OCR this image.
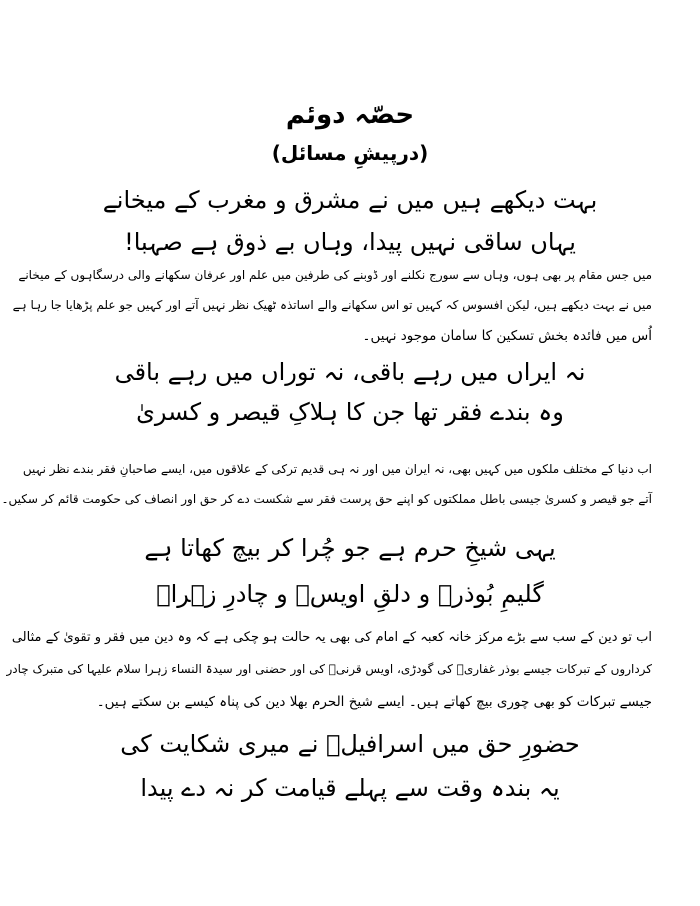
حصّہ دوئم
(درپیشِ مسائل)
بہت دیکھے ہیں میں نے مشرق و مغرب کے میخانے
یہاں ساقی نہیں پیدا، وہاں بے ذوق ہے صہبا!
میں جس مقام پر بھی ہوں، وہاں سے سورج نکلنے اور ڈوبنے کی طرفین میں علم اور عرفان سکھانے والی درسگاہوں کے میخانے
میں نے بہت دیکھے ہیں، لیکن افسوس کہ کہیں تو اس سکھانے والے اساتذہ ٹھیک نظر نہیں آتے اور کہیں جو علم پڑھایا جا رہا ہے
اُس میں فائدہ بخش تسکین کا سامان موجود نہیں۔
نہ ایراں میں رہے باقی، نہ توراں میں رہے باقی
وہ بندے فقر تھا جن کا ہلاکِ قیصر و کسریٰ
اب دنیا کے مختلف ملکوں میں کہیں بھی، نہ ایران میں اور نہ ہی قدیم ترکی کے علاقوں میں، ایسے صاحبانِ فقر بندے نظر نہیں
آتے جو قیصر و کسریٰ جیسی باطل مملکتوں کو اپنے حق پرست فقر سے شکست دے کر حق اور انصاف کی حکومت قائم کر سکیں۔
یہی شیخِ حرم ہے جو چُرا کر بیچ کھاتا ہے
گلیمِ بُوذرؓ و دلقِ اویسؓ و چادرِ زہراؓ
اب تو دین کے سب سے بڑے مرکز خانہ کعبہ کے امام کی بھی یہ حالت ہو چکی ہے کہ وہ دین میں فقر و تقویٰ کے مثالی
کرداروں کے تبرکات جیسے بوذر غفاریؓ کی گودڑی، اویس قرنیؓ کی اور حضنی اور سیدۃ النساء زہرا سلام علیہا کی متبرک چادر
جیسے تبرکات کو بھی چوری بیچ کھاتے ہیں۔ ایسے شیخ الحرم بھلا دین کی پناہ کیسے بن سکتے ہیں۔
حضورِ حق میں اسرافیلؑ نے میری شکایت کی
یہ بندہ وقت سے پہلے قیامت کر نہ دے پیدا
